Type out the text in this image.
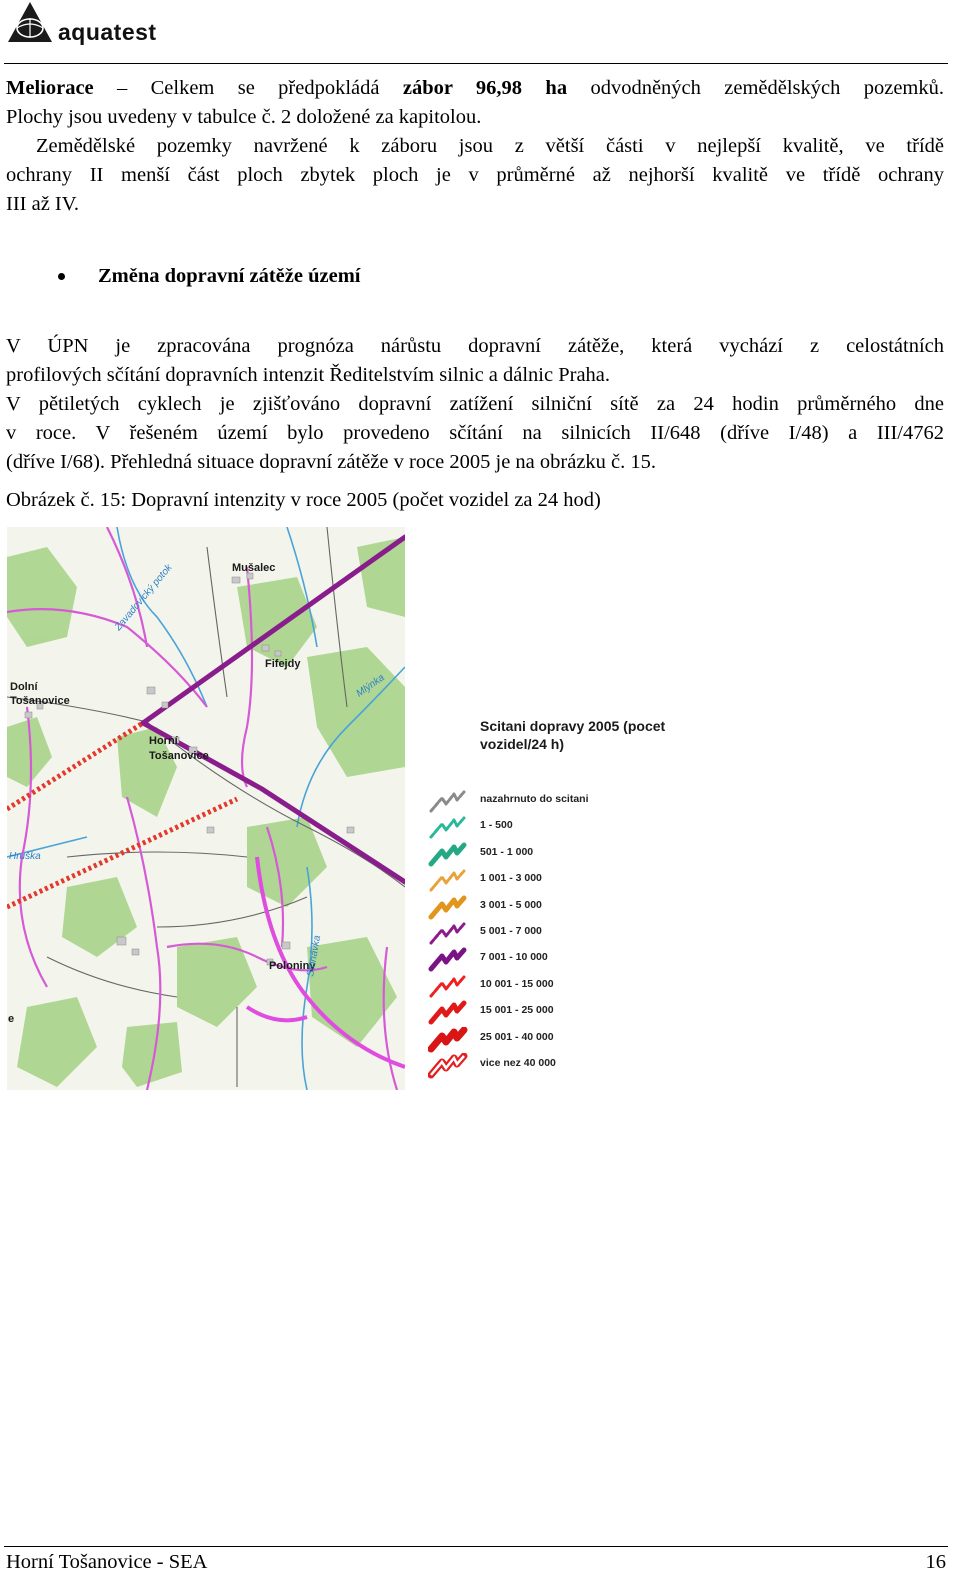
aquatest

Meliorace – Celkem se předpokládá zábor 96,98 ha odvodněných zemědělských pozemků.

Plochy jsou uvedeny v tabulce č. 2 doložené za kapitolou.

Zemědělské pozemky navržené k záboru jsou z větší části v nejlepší kvalitě, ve třídě

ochrany II menší část ploch zbytek ploch je v průměrné až nejhorší kvalitě ve třídě ochrany

III až IV.

Změna dopravní zátěže území

V ÚPN je zpracována prognóza nárůstu dopravní zátěže, která vychází z celostátních

profilových sčítání dopravních intenzit Ředitelstvím silnic a dálnic Praha.

V pětiletých cyklech je zjišťováno dopravní zatížení silniční sítě za 24 hodin průměrného dne

v roce. V řešeném území bylo provedeno sčítání na silnicích II/648 (dříve I/48) a III/4762

(dříve I/68). Přehledná situace dopravní zátěže v roce 2005 je na obrázku č. 15.

Obrázek č. 15: Dopravní intenzity v roce 2005 (počet vozidel za 24 hod)

Mušalec
Fifejdy
Dolní
Tošanovice
Horní
Tošanovice
Poloniny
Zavadovický potok
Mlýnka
Stonávka
Hruška
e
Scitani dopravy 2005 (pocet
vozidel/24 h)
nazahrnuto do scitani
1 - 500
501 - 1 000
1 001 - 3 000
3 001 - 5 000
5 001 - 7 000
7 001 - 10 000
10 001 - 15 000
15 001 - 25 000
25 001 - 40 000
vice nez 40 000
Horní Tošanovice - SEA	16
